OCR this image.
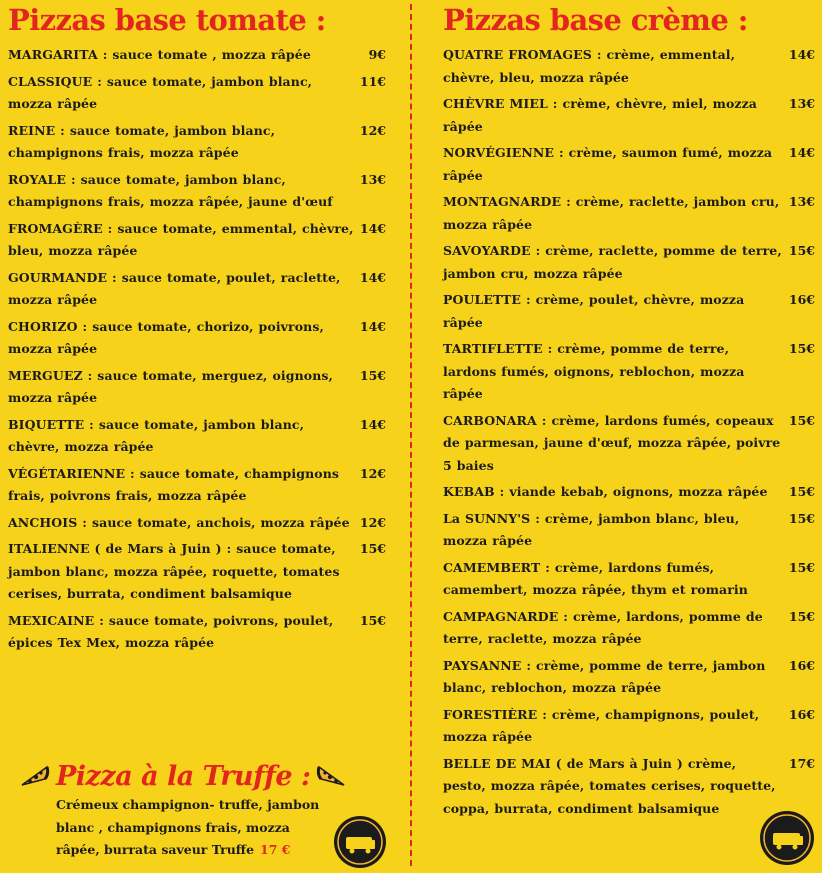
Pizzas base tomate :
MARGARITA : sauce tomate , mozza râpée	9€
CLASSIQUE : sauce tomate, jambon blanc, mozza râpée
11€
REINE : sauce tomate, jambon blanc, champignons frais, mozza râpée
12€
ROYALE : sauce tomate, jambon blanc, champignons frais, mozza râpée, jaune d'œuf
13€
FROMAGÈRE : sauce tomate, emmental, chèvre, bleu, mozza râpée
14€
GOURMANDE : sauce tomate, poulet, raclette, mozza râpée
14€
CHORIZO : sauce tomate, chorizo, poivrons, mozza râpée
14€
MERGUEZ : sauce tomate, merguez, oignons, mozza râpée
15€
BIQUETTE : sauce tomate, jambon blanc, chèvre, mozza râpée
14€
VÉGÉTARIENNE : sauce tomate, champignons frais, poivrons frais, mozza râpée
12€
ANCHOIS : sauce tomate, anchois, mozza râpée 12€
ITALIENNE ( de Mars à Juin ) : sauce tomate, jambon blanc, mozza râpée, roquette, tomates cerises, burrata, condiment balsamique
15€
MEXICAINE : sauce tomate, poivrons, poulet, épices Tex Mex, mozza râpée
15€
Pizzas base crème :
QUATRE FROMAGES : crème, emmental, chèvre, bleu, mozza râpée
14€
CHÈVRE MIEL : crème, chèvre, miel, mozza râpée
13€
NORVÉGIENNE : crème, saumon fumé, mozza râpée
14€
MONTAGNARDE : crème, raclette, jambon cru, mozza râpée
13€
SAVOYARDE : crème, raclette, pomme de terre, jambon cru, mozza râpée
15€
POULETTE : crème, poulet, chèvre, mozza râpée
16€
TARTIFLETTE : crème, pomme de terre, lardons fumés, oignons, reblochon, mozza râpée
15€
CARBONARA : crème, lardons fumés, copeaux de parmesan, jaune d'œuf, mozza râpée, poivre 5 baies
15€
KEBAB : viande kebab, oignons, mozza râpée	15€
La SUNNY'S : crème, jambon blanc, bleu, mozza râpée
15€
CAMEMBERT : crème, lardons fumés, camembert, mozza râpée, thym et romarin
15€
CAMPAGNARDE : crème, lardons, pomme de terre, raclette, mozza râpée
15€
PAYSANNE : crème, pomme de terre, jambon blanc, reblochon, mozza râpée
16€
FORESTIÈRE : crème, champignons, poulet, mozza râpée
16€
BELLE DE MAI ( de Mars à Juin ) crème, pesto, mozza râpée, tomates cerises, roquette, coppa, burrata, condiment balsamique
17€
Pizza à la Truffe :
Crémeux champignon- truffe, jambon blanc , champignons frais, mozza râpée, burrata saveur Truffe 17 €
